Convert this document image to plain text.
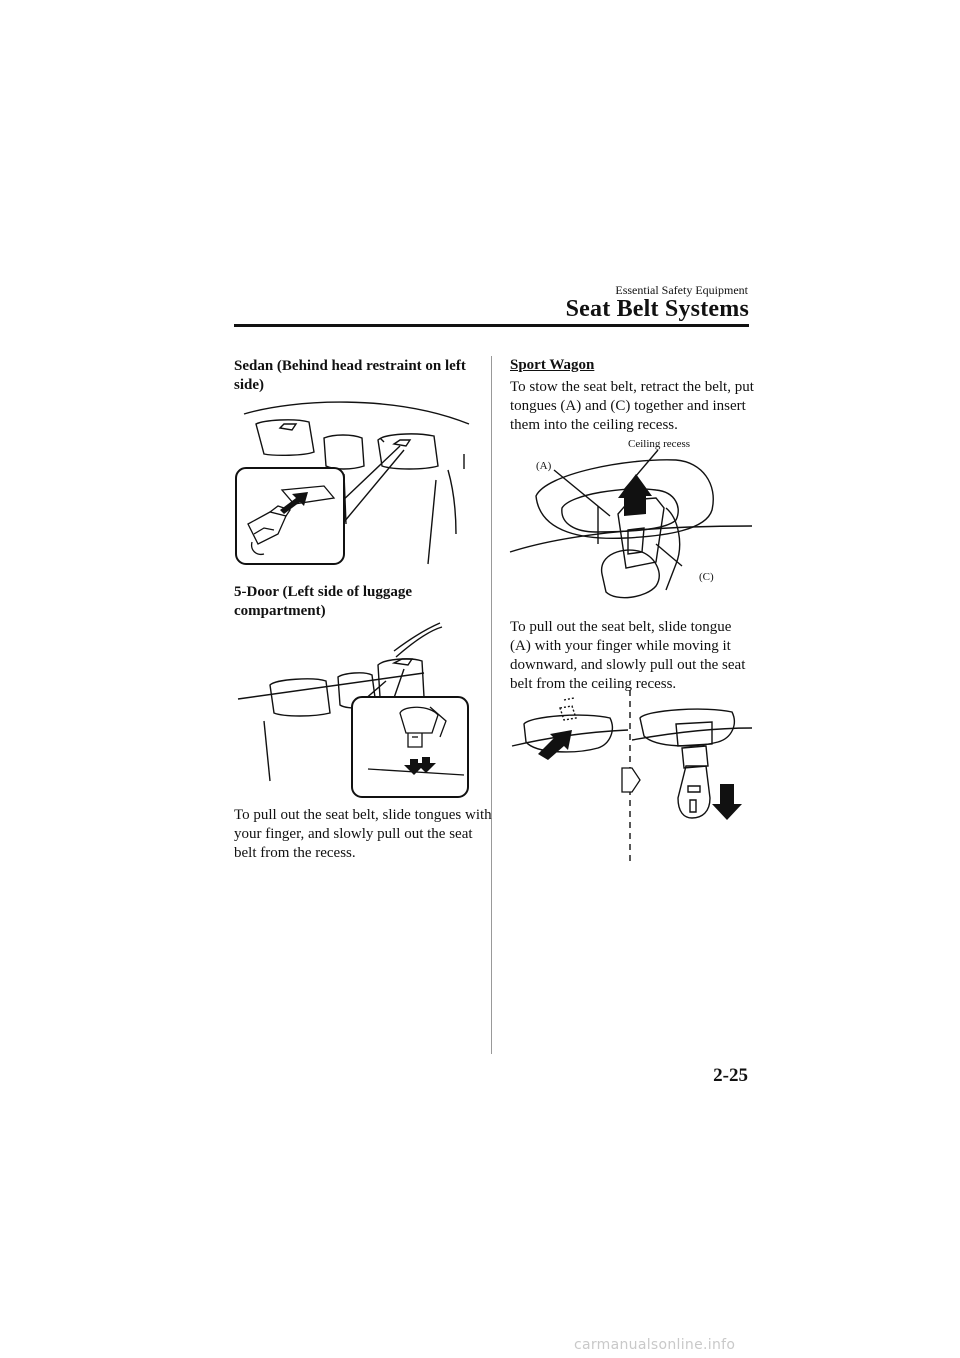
Essential Safety Equipment
Seat Belt Systems
Sedan (Behind head restraint on left side)
5-Door (Left side of luggage compartment)
To pull out the seat belt, slide tongues with your finger, and slowly pull out the seat belt from the recess.
Sport Wagon
To stow the seat belt, retract the belt, put tongues (A) and (C) together and insert them into the ceiling recess.
Ceiling recess
(A)
(C)
To pull out the seat belt, slide tongue (A) with your finger while moving it downward, and slowly pull out the seat belt from the ceiling recess.
2-25
carmanualsonline.info
